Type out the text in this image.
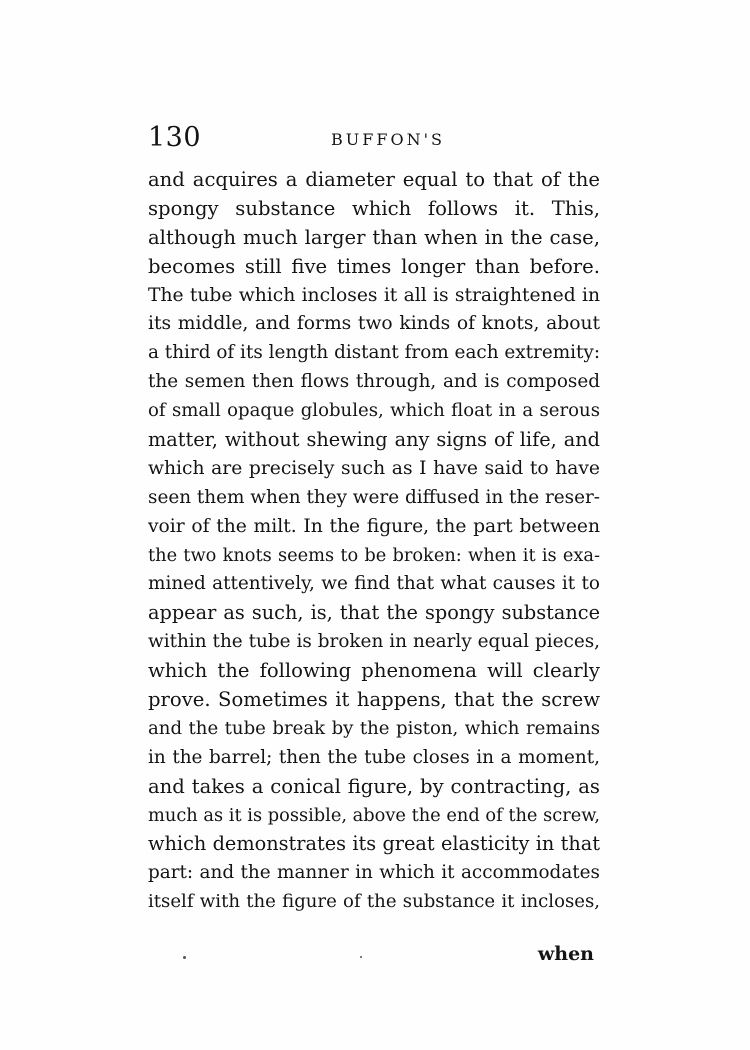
130	BUFFON'S
and acquires a diameter equal to that of the
spongy substance which follows it. This,
although much larger than when in the case,
becomes still five times longer than before.
The tube which incloses it all is straightened in
its middle, and forms two kinds of knots, about
a third of its length distant from each extremity:
the semen then flows through, and is composed
of small opaque globules, which float in a serous
matter, without shewing any signs of life, and
which are precisely such as I have said to have
seen them when they were diffused in the reser-
voir of the milt. In the figure, the part between
the two knots seems to be broken: when it is exa-
mined attentively, we find that what causes it to
appear as such, is, that the spongy substance
within the tube is broken in nearly equal pieces,
which the following phenomena will clearly
prove. Sometimes it happens, that the screw
and the tube break by the piston, which remains
in the barrel; then the tube closes in a moment,
and takes a conical figure, by contracting, as
much as it is possible, above the end of the screw,
which demonstrates its great elasticity in that
part: and the manner in which it accommodates
itself with the figure of the substance it incloses,
when
